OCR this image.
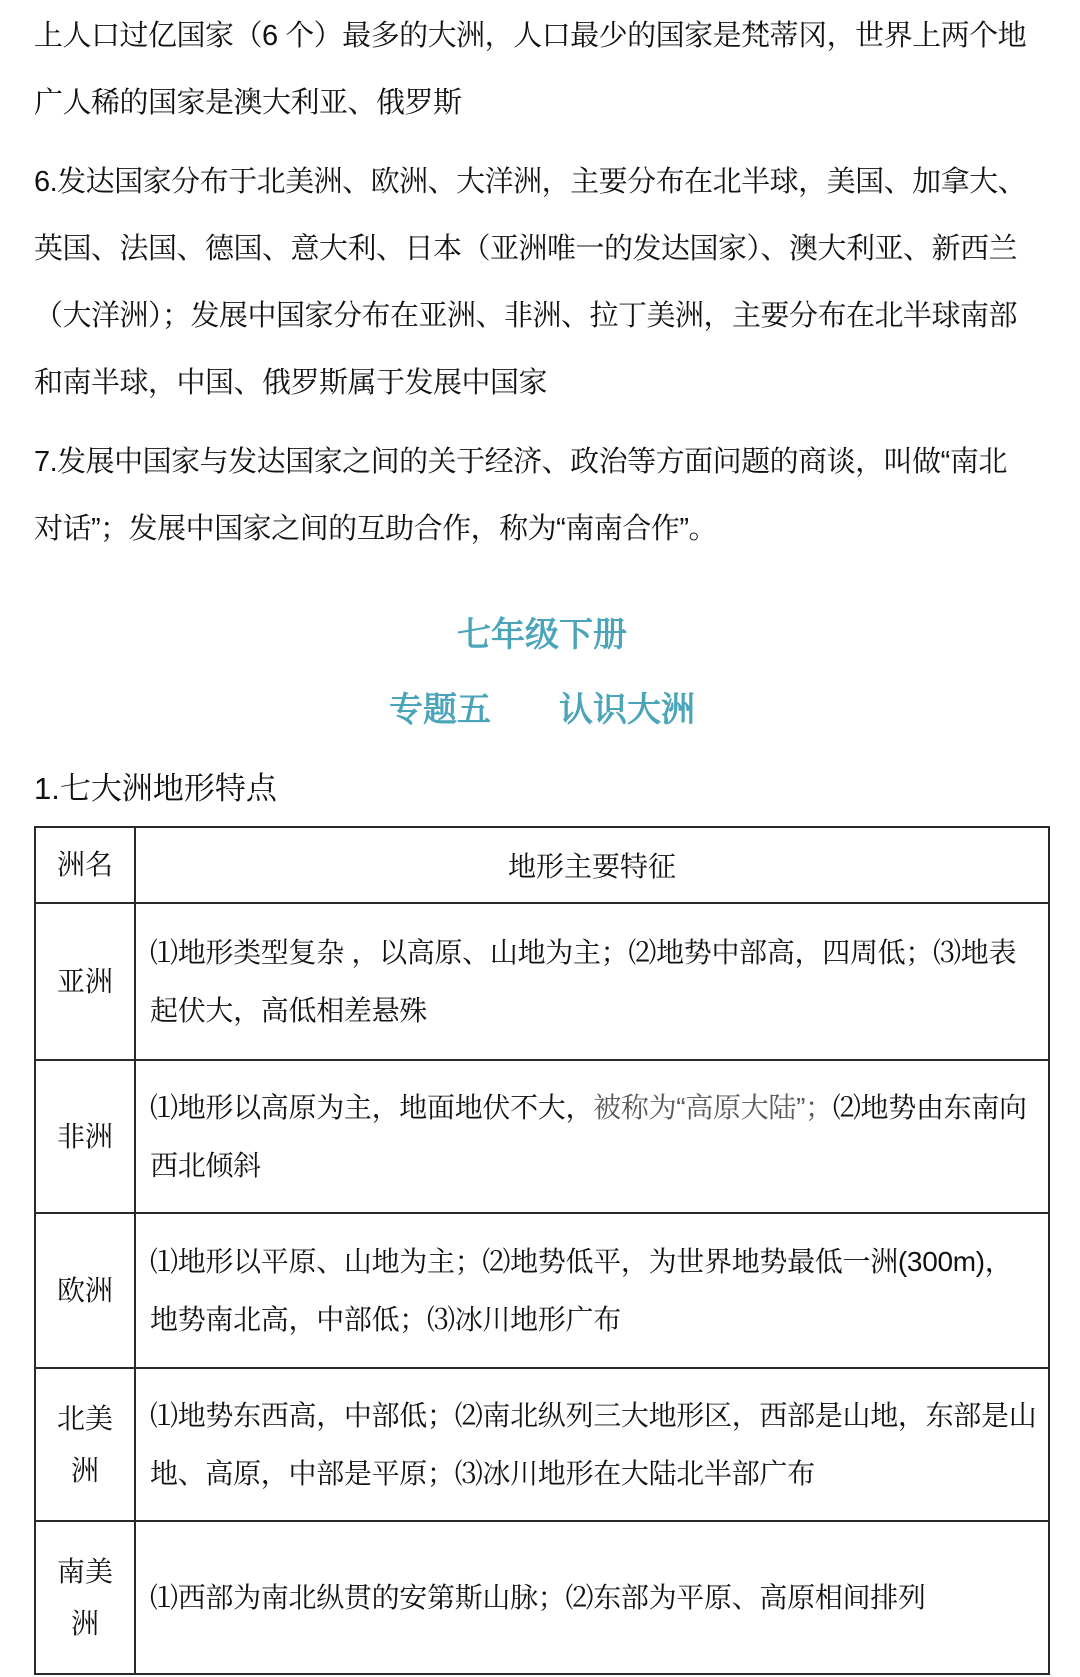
上人口过亿国家（6 个）最多的大洲，人口最少的国家是梵蒂冈，世界上两个地
广人稀的国家是澳大利亚、俄罗斯
6.发达国家分布于北美洲、欧洲、大洋洲，主要分布在北半球，美国、加拿大、
英国、法国、德国、意大利、日本（亚洲唯一的发达国家）、澳大利亚、新西兰
（大洋洲）；发展中国家分布在亚洲、非洲、拉丁美洲，主要分布在北半球南部
和南半球，中国、俄罗斯属于发展中国家
7.发展中国家与发达国家之间的关于经济、政治等方面问题的商谈，叫做“南北
对话”；发展中国家之间的互助合作，称为“南南合作”。
七年级下册
专题五　　认识大洲
1.七大洲地形特点
洲名	地形主要特征
亚洲	⑴地形类型复杂 ，以高原、山地为主；⑵地势中部高，四周低；⑶地表起伏大，高低相差悬殊
非洲	⑴地形以高原为主，地面地伏不大，被称为“高原大陆”；⑵地势由东南向西北倾斜
欧洲	⑴地形以平原、山地为主；⑵地势低平，为世界地势最低一洲(300m)，地势南北高，中部低；⑶冰川地形广布
北美洲	⑴地势东西高，中部低；⑵南北纵列三大地形区，西部是山地，东部是山地、高原，中部是平原；⑶冰川地形在大陆北半部广布
南美洲	⑴西部为南北纵贯的安第斯山脉；⑵东部为平原、高原相间排列
